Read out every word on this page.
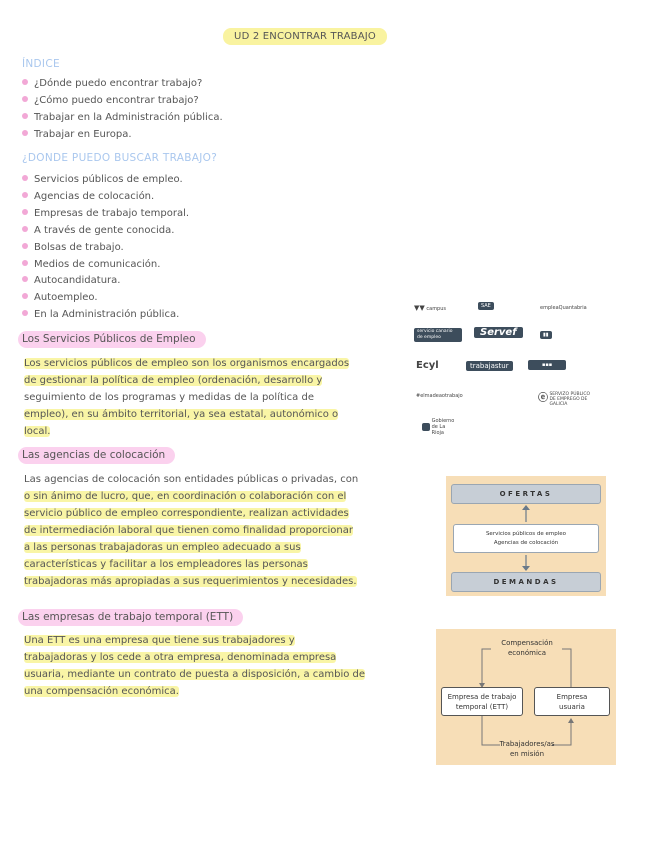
UD 2 ENCONTRAR TRABAJO
ÍNDICE
¿Dónde puedo encontrar trabajo?
¿Cómo puedo encontrar trabajo?
Trabajar en la Administración pública.
Trabajar en Europa.
¿DONDE PUEDO BUSCAR TRABAJO?
Servicios públicos de empleo.
Agencias de colocación.
Empresas de trabajo temporal.
A través de gente conocida.
Bolsas de trabajo.
Medios de comunicación.
Autocandidatura.
Autoempleo.
En la Administración pública.
Los Servicios Públicos de Empleo
Los servicios públicos de empleo son los organismos encargados
de gestionar la política de empleo (ordenación, desarrollo y
seguimiento de los programas y medidas de la política de
empleo), en su ámbito territorial, ya sea estatal, autonómico o
local.
Las agencias de colocación
Las agencias de colocación son entidades públicas o privadas, con
o sin ánimo de lucro, que, en coordinación o colaboración con el
servicio público de empleo correspondiente, realizan actividades
de intermediación laboral que tienen como finalidad proporcionar
a las personas trabajadoras un empleo adecuado a sus
características y facilitar a los empleadores las personas
trabajadoras más apropiadas a sus requerimientos y necesidades.
Las empresas de trabajo temporal (ETT)
Una ETT es una empresa que tiene sus trabajadores y
trabajadoras y los cede a otra empresa, denominada empresa
usuaria, mediante un contrato de puesta a disposición, a cambio de
una compensación económica.
▼▼ campus	SAE	empleaQuantabria
servicio canario de empleo	Servef	▮▮
Ecyl	trabajastur	▪▪▪
#elmadeaotrabajo	ⓔ SERVIZO PÚBLICO DE EMPREGO DE GALICIA
Gobierno de La Rioja
OFERTAS
Servicios públicos de empleo
Agencias de colocación
DEMANDAS
Compensación
económica
Empresa de trabajo
temporal (ETT)
Empresa
usuaria
Trabajadores/as
en misión
